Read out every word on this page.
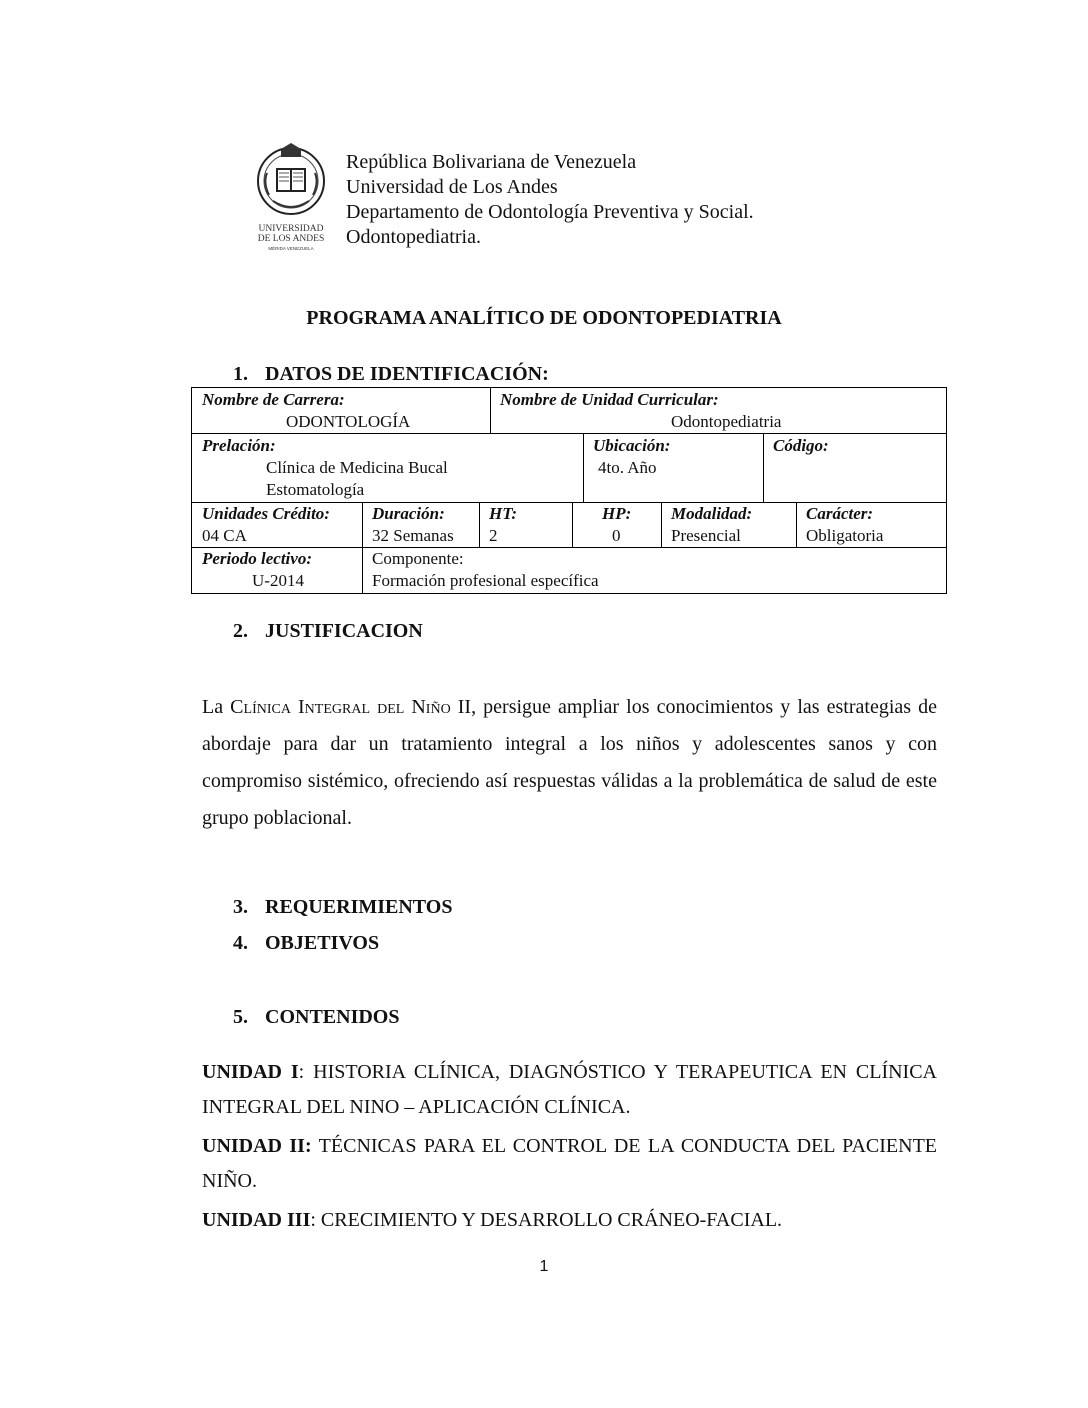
UNIVERSIDAD
DE LOS ANDES
MÉRIDA VENEZUELA
República Bolivariana de Venezuela
Universidad de Los Andes
Departamento de Odontología Preventiva y Social.
Odontopediatria.
PROGRAMA ANALÍTICO DE ODONTOPEDIATRIA
1. DATOS DE IDENTIFICACIÓN:
Nombre de Carrera:
ODONTOLOGÍA
Nombre de Unidad Curricular:
Odontopediatria
Prelación:
Clínica de Medicina Bucal
Estomatología
Ubicación:
4to. Año
Código:
Unidades Crédito:
04 CA
Duración:
32 Semanas
HT:
2
HP:
0
Modalidad:
Presencial
Carácter:
Obligatoria
Periodo lectivo:
U-2014
Componente:
Formación profesional específica
2. JUSTIFICACION
La Clínica Integral del Niño II, persigue ampliar los conocimientos y las estrategias de abordaje para dar un tratamiento integral a los niños y adolescentes sanos y con compromiso sistémico, ofreciendo así respuestas válidas a la problemática de salud de este grupo poblacional.
3. REQUERIMIENTOS
4. OBJETIVOS
5. CONTENIDOS
UNIDAD I: HISTORIA CLÍNICA, DIAGNÓSTICO Y TERAPEUTICA EN CLÍNICA INTEGRAL DEL NINO – APLICACIÓN CLÍNICA.
UNIDAD II: TÉCNICAS PARA EL CONTROL DE LA CONDUCTA DEL PACIENTE NIÑO.
UNIDAD III: CRECIMIENTO Y DESARROLLO CRÁNEO-FACIAL.
1
